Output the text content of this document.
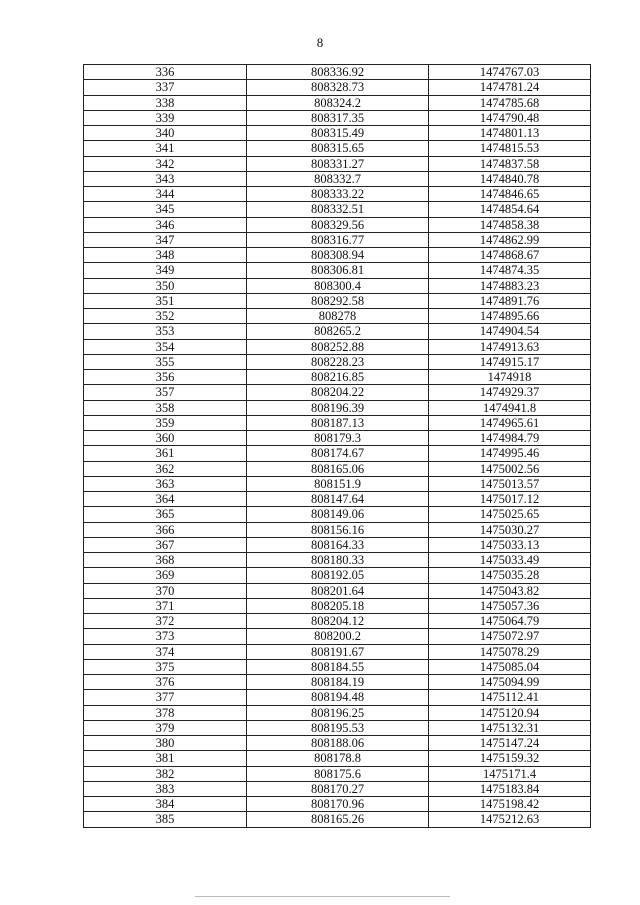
8
336	808336.92	1474767.03
337	808328.73	1474781.24
338	808324.2	1474785.68
339	808317.35	1474790.48
340	808315.49	1474801.13
341	808315.65	1474815.53
342	808331.27	1474837.58
343	808332.7	1474840.78
344	808333.22	1474846.65
345	808332.51	1474854.64
346	808329.56	1474858.38
347	808316.77	1474862.99
348	808308.94	1474868.67
349	808306.81	1474874.35
350	808300.4	1474883.23
351	808292.58	1474891.76
352	808278	1474895.66
353	808265.2	1474904.54
354	808252.88	1474913.63
355	808228.23	1474915.17
356	808216.85	1474918
357	808204.22	1474929.37
358	808196.39	1474941.8
359	808187.13	1474965.61
360	808179.3	1474984.79
361	808174.67	1474995.46
362	808165.06	1475002.56
363	808151.9	1475013.57
364	808147.64	1475017.12
365	808149.06	1475025.65
366	808156.16	1475030.27
367	808164.33	1475033.13
368	808180.33	1475033.49
369	808192.05	1475035.28
370	808201.64	1475043.82
371	808205.18	1475057.36
372	808204.12	1475064.79
373	808200.2	1475072.97
374	808191.67	1475078.29
375	808184.55	1475085.04
376	808184.19	1475094.99
377	808194.48	1475112.41
378	808196.25	1475120.94
379	808195.53	1475132.31
380	808188.06	1475147.24
381	808178.8	1475159.32
382	808175.6	1475171.4
383	808170.27	1475183.84
384	808170.96	1475198.42
385	808165.26	1475212.63
